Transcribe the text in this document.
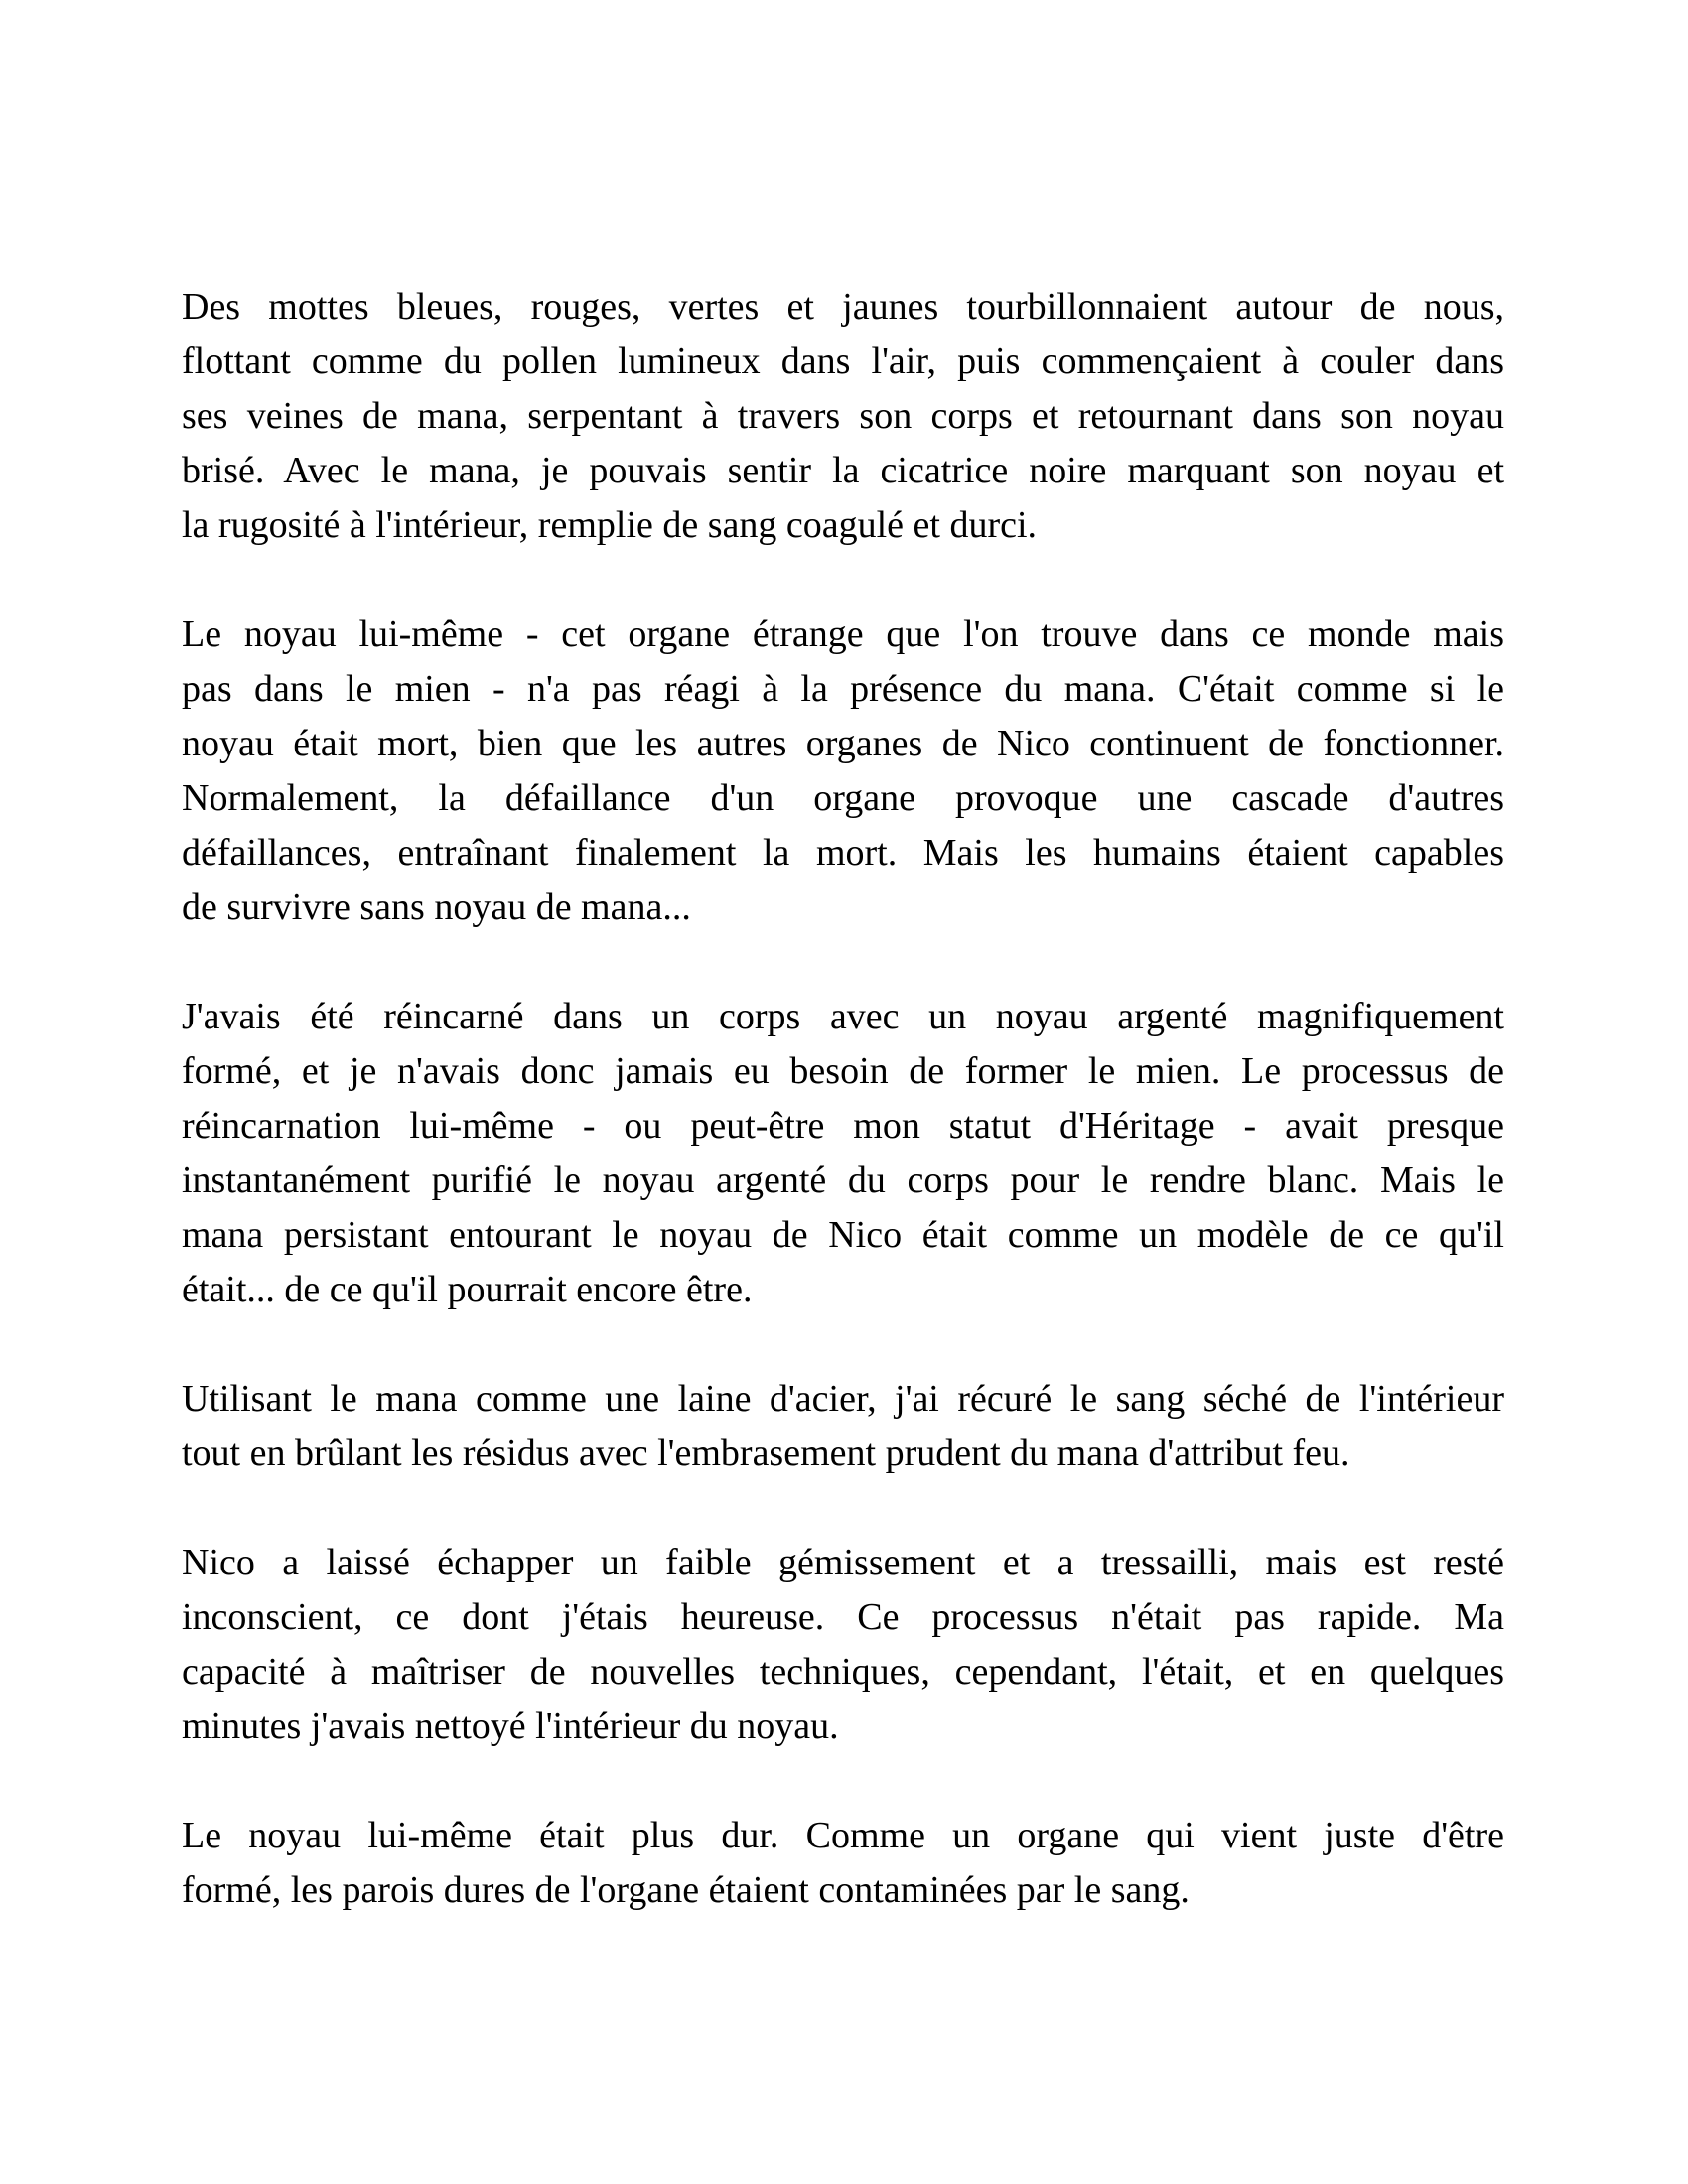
Des mottes bleues, rouges, vertes et jaunes tourbillonnaient autour de nous,
flottant comme du pollen lumineux dans l'air, puis commençaient à couler dans
ses veines de mana, serpentant à travers son corps et retournant dans son noyau
brisé. Avec le mana, je pouvais sentir la cicatrice noire marquant son noyau et
la rugosité à l'intérieur, remplie de sang coagulé et durci.
Le noyau lui-même - cet organe étrange que l'on trouve dans ce monde mais
pas dans le mien - n'a pas réagi à la présence du mana. C'était comme si le
noyau était mort, bien que les autres organes de Nico continuent de fonctionner.
Normalement, la défaillance d'un organe provoque une cascade d'autres
défaillances, entraînant finalement la mort. Mais les humains étaient capables
de survivre sans noyau de mana...
J'avais été réincarné dans un corps avec un noyau argenté magnifiquement
formé, et je n'avais donc jamais eu besoin de former le mien. Le processus de
réincarnation lui-même - ou peut-être mon statut d'Héritage - avait presque
instantanément purifié le noyau argenté du corps pour le rendre blanc. Mais le
mana persistant entourant le noyau de Nico était comme un modèle de ce qu'il
était... de ce qu'il pourrait encore être.
Utilisant le mana comme une laine d'acier, j'ai récuré le sang séché de l'intérieur
tout en brûlant les résidus avec l'embrasement prudent du mana d'attribut feu.
Nico a laissé échapper un faible gémissement et a tressailli, mais est resté
inconscient, ce dont j'étais heureuse. Ce processus n'était pas rapide. Ma
capacité à maîtriser de nouvelles techniques, cependant, l'était, et en quelques
minutes j'avais nettoyé l'intérieur du noyau.
Le noyau lui-même était plus dur. Comme un organe qui vient juste d'être
formé, les parois dures de l'organe étaient contaminées par le sang.
